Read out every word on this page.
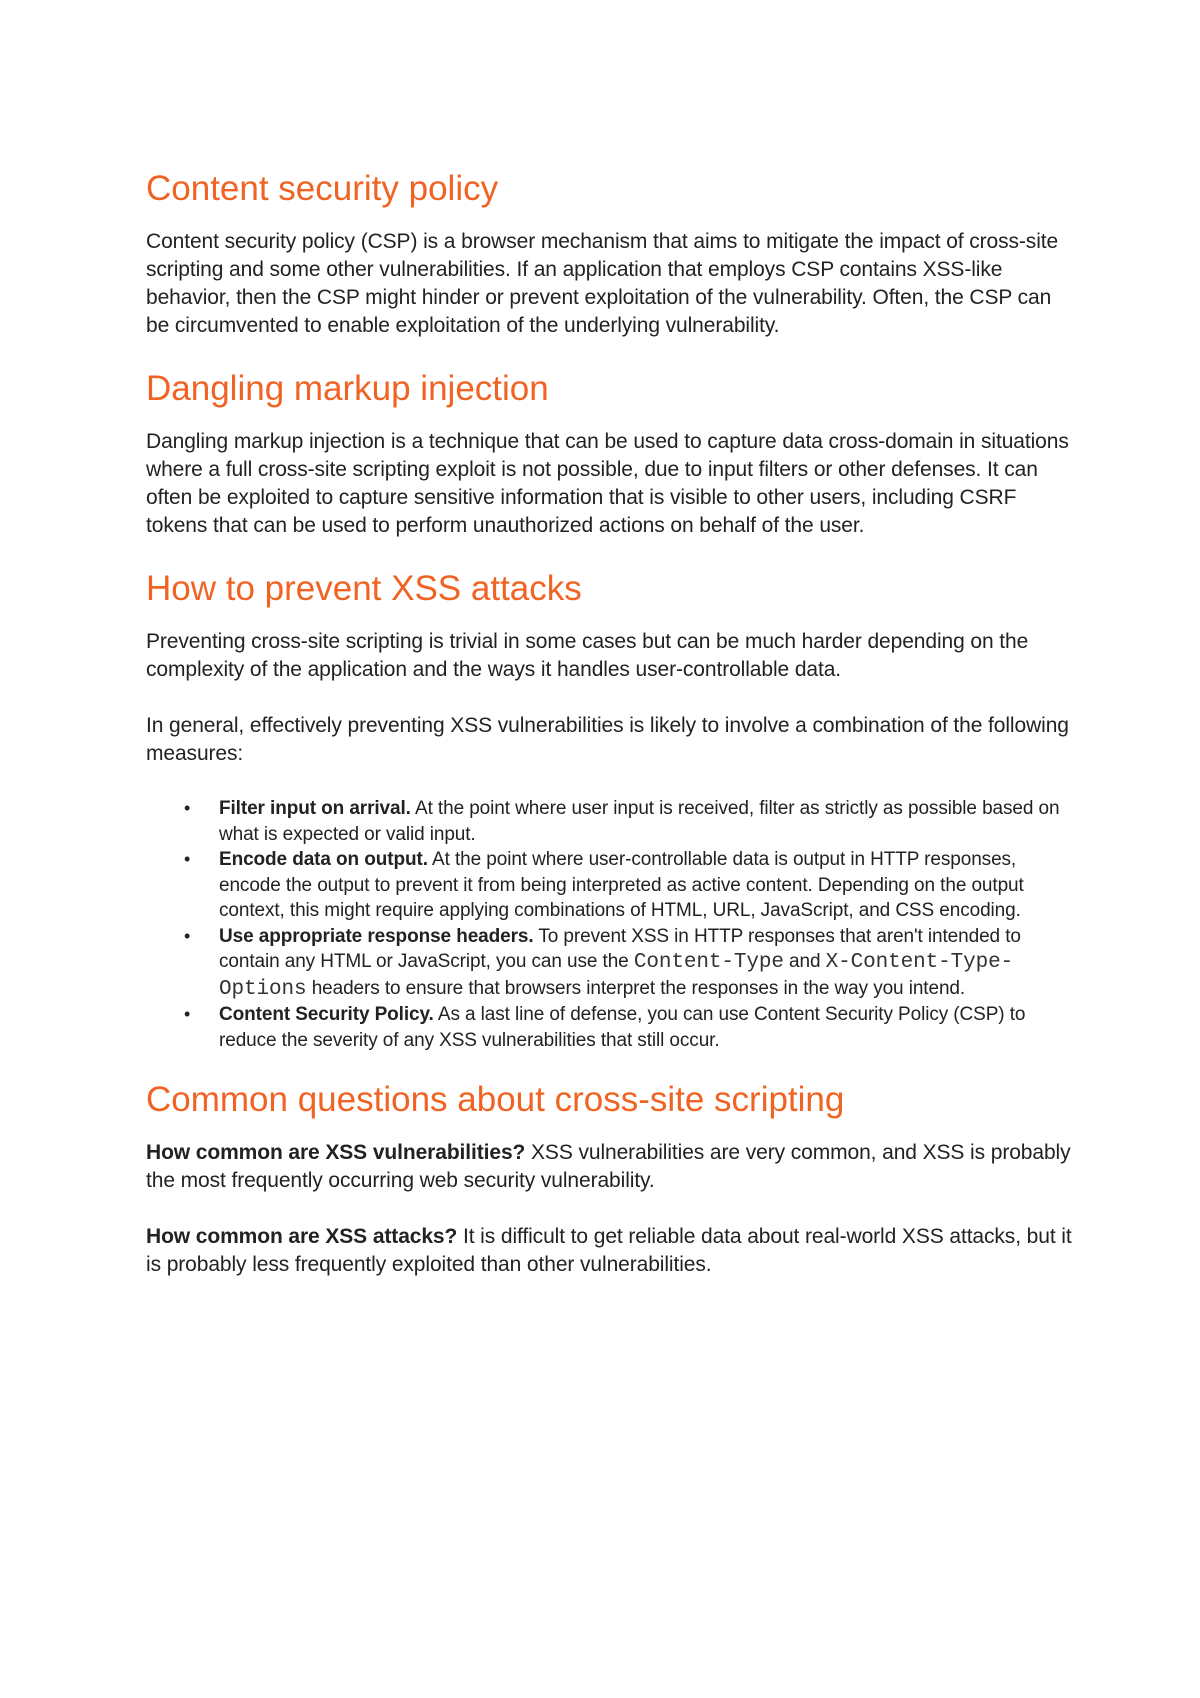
Content security policy

Content security policy (CSP) is a browser mechanism that aims to mitigate the impact of cross-site scripting and some other vulnerabilities. If an application that employs CSP contains XSS-like behavior, then the CSP might hinder or prevent exploitation of the vulnerability. Often, the CSP can be circumvented to enable exploitation of the underlying vulnerability.

Dangling markup injection

Dangling markup injection is a technique that can be used to capture data cross-domain in situations where a full cross-site scripting exploit is not possible, due to input filters or other defenses. It can often be exploited to capture sensitive information that is visible to other users, including CSRF tokens that can be used to perform unauthorized actions on behalf of the user.

How to prevent XSS attacks

Preventing cross-site scripting is trivial in some cases but can be much harder depending on the complexity of the application and the ways it handles user-controllable data.

In general, effectively preventing XSS vulnerabilities is likely to involve a combination of the following measures:

• Filter input on arrival. At the point where user input is received, filter as strictly as possible based on what is expected or valid input.
• Encode data on output. At the point where user-controllable data is output in HTTP responses, encode the output to prevent it from being interpreted as active content. Depending on the output context, this might require applying combinations of HTML, URL, JavaScript, and CSS encoding.
• Use appropriate response headers. To prevent XSS in HTTP responses that aren't intended to contain any HTML or JavaScript, you can use the Content-Type and X-Content-Type-Options headers to ensure that browsers interpret the responses in the way you intend.
• Content Security Policy. As a last line of defense, you can use Content Security Policy (CSP) to reduce the severity of any XSS vulnerabilities that still occur.
Common questions about cross-site scripting

How common are XSS vulnerabilities? XSS vulnerabilities are very common, and XSS is probably the most frequently occurring web security vulnerability.

How common are XSS attacks? It is difficult to get reliable data about real-world XSS attacks, but it is probably less frequently exploited than other vulnerabilities.
